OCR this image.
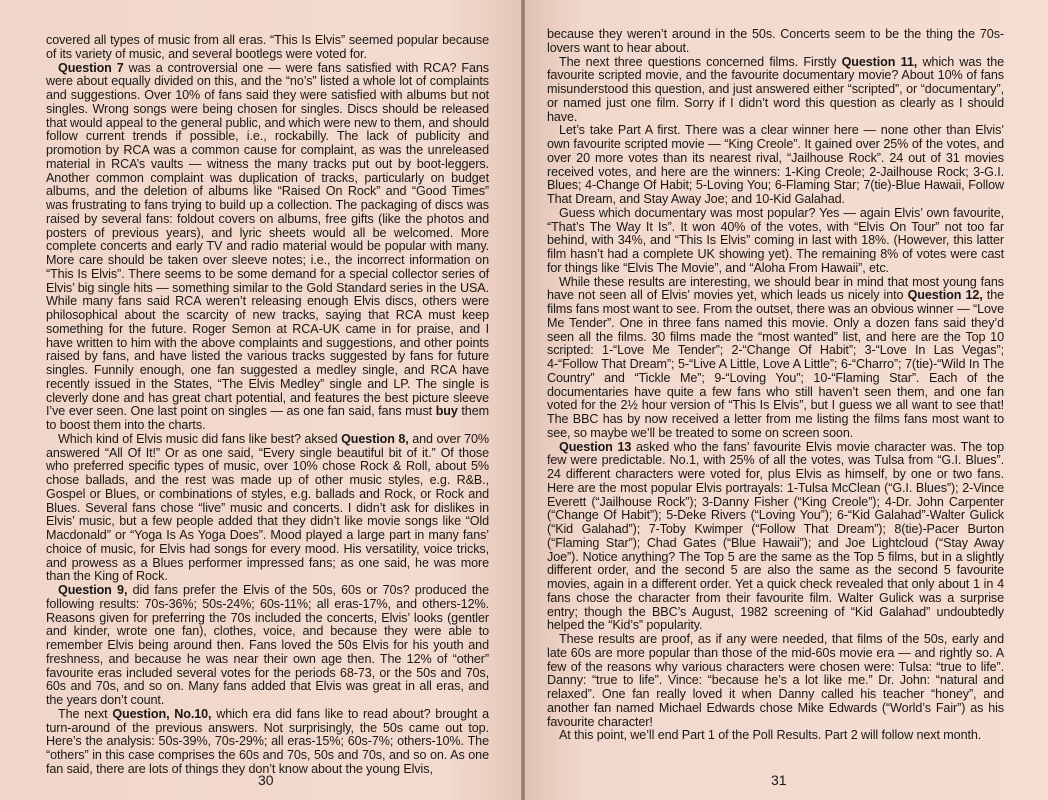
covered all types of music from all eras. “This Is Elvis” seemed popular because of its variety of music, and several bootlegs were voted for.

Question 7 was a controversial one — were fans satisfied with RCA? Fans were about equally divided on this, and the “no’s” listed a whole lot of complaints and suggestions. Over 10% of fans said they were satisfied with albums but not singles. Wrong songs were being chosen for singles. Discs should be released that would appeal to the general public, and which were new to them, and should follow current trends if possible, i.e., rockabilly. The lack of publicity and promotion by RCA was a common cause for complaint, as was the unreleased material in RCA’s vaults — witness the many tracks put out by boot-leggers. Another common complaint was duplication of tracks, particularly on budget albums, and the deletion of albums like “Raised On Rock” and “Good Times” was frustrating to fans trying to build up a collection. The packaging of discs was raised by several fans: foldout covers on albums, free gifts (like the photos and posters of previous years), and lyric sheets would all be welcomed. More complete concerts and early TV and radio material would be popular with many. More care should be taken over sleeve notes; i.e., the incorrect information on “This Is Elvis”. There seems to be some demand for a special collector series of Elvis’ big single hits — something similar to the Gold Standard series in the USA. While many fans said RCA weren’t releasing enough Elvis discs, others were philosophical about the scarcity of new tracks, saying that RCA must keep something for the future. Roger Semon at RCA-UK came in for praise, and I have written to him with the above complaints and suggestions, and other points raised by fans, and have listed the various tracks suggested by fans for future singles. Funnily enough, one fan suggested a medley single, and RCA have recently issued in the States, “The Elvis Medley” single and LP. The single is cleverly done and has great chart potential, and features the best picture sleeve I’ve ever seen. One last point on singles — as one fan said, fans must buy them to boost them into the charts.

Which kind of Elvis music did fans like best? aksed Question 8, and over 70% answered “All Of It!” Or as one said, “Every single beautiful bit of it.” Of those who preferred specific types of music, over 10% chose Rock & Roll, about 5% chose ballads, and the rest was made up of other music styles, e.g. R&B., Gospel or Blues, or combinations of styles, e.g. ballads and Rock, or Rock and Blues. Several fans chose “live” music and concerts. I didn’t ask for dislikes in Elvis’ music, but a few people added that they didn’t like movie songs like “Old Macdonald” or “Yoga Is As Yoga Does”. Mood played a large part in many fans’ choice of music, for Elvis had songs for every mood. His versatility, voice tricks, and prowess as a Blues performer impressed fans; as one said, he was more than the King of Rock.

Question 9, did fans prefer the Elvis of the 50s, 60s or 70s? produced the following results: 70s-36%; 50s-24%; 60s-11%; all eras-17%, and others-12%. Reasons given for preferring the 70s included the concerts, Elvis’ looks (gentler and kinder, wrote one fan), clothes, voice, and because they were able to remember Elvis being around then. Fans loved the 50s Elvis for his youth and freshness, and because he was near their own age then. The 12% of “other” favourite eras included several votes for the periods 68-73, or the 50s and 70s, 60s and 70s, and so on. Many fans added that Elvis was great in all eras, and the years don’t count.

The next Question, No.10, which era did fans like to read about? brought a turn-around of the previous answers. Not surprisingly, the 50s came out top. Here’s the analysis: 50s-39%, 70s-29%; all eras-15%; 60s-7%; others-10%. The “others” in this case comprises the 60s and 70s, 50s and 70s, and so on. As one fan said, there are lots of things they don’t know about the young Elvis,

30

because they weren’t around in the 50s. Concerts seem to be the thing the 70s-lovers want to hear about.

The next three questions concerned films. Firstly Question 11, which was the favourite scripted movie, and the favourite documentary movie? About 10% of fans misunderstood this question, and just answered either “scripted”, or “documentary”, or named just one film. Sorry if I didn’t word this question as clearly as I should have.

Let’s take Part A first. There was a clear winner here — none other than Elvis’ own favourite scripted movie — “King Creole”. It gained over 25% of the votes, and over 20 more votes than its nearest rival, “Jailhouse Rock”. 24 out of 31 movies received votes, and here are the winners: 1-King Creole; 2-Jailhouse Rock; 3-G.I. Blues; 4-Change Of Habit; 5-Loving You; 6-Flaming Star; 7(tie)-Blue Hawaii, Follow That Dream, and Stay Away Joe; and 10-Kid Galahad.

Guess which documentary was most popular? Yes — again Elvis’ own favourite, “That’s The Way It Is”. It won 40% of the votes, with “Elvis On Tour” not too far behind, with 34%, and “This Is Elvis” coming in last with 18%. (However, this latter film hasn’t had a complete UK showing yet). The remaining 8% of votes were cast for things like “Elvis The Movie”, and “Aloha From Hawaii”, etc.

While these results are interesting, we should bear in mind that most young fans have not seen all of Elvis’ movies yet, which leads us nicely into Question 12, the films fans most want to see. From the outset, there was an obvious winner — “Love Me Tender”. One in three fans named this movie. Only a dozen fans said they’d seen all the films. 30 films made the “most wanted” list, and here are the Top 10 scripted: 1-“Love Me Tender”; 2-“Change Of Habit”; 3-“Love In Las Vegas”; 4-“Follow That Dream”; 5-“Live A Little, Love A Little”; 6-“Charro”; 7(tie)-“Wild In The Country” and “Tickle Me”; 9-“Loving You”; 10-“Flaming Star”. Each of the documentaries have quite a few fans who still haven’t seen them, and one fan voted for the 2½ hour version of “This Is Elvis”, but I guess we all want to see that! The BBC has by now received a letter from me listing the films fans most want to see, so maybe we’ll be treated to some on screen soon.

Question 13 asked who the fans’ favourite Elvis movie character was. The top few were predictable. No.1, with 25% of all the votes, was Tulsa from “G.I. Blues”. 24 different characters were voted for, plus Elvis as himself, by one or two fans. Here are the most popular Elvis portrayals: 1-Tulsa McClean (“G.I. Blues”); 2-Vince Everett (“Jailhouse Rock”); 3-Danny Fisher (“King Creole”); 4-Dr. John Carpenter (“Change Of Habit”); 5-Deke Rivers (“Loving You”); 6-“Kid Galahad”-Walter Gulick (“Kid Galahad”); 7-Toby Kwimper (“Follow That Dream”); 8(tie)-Pacer Burton (“Flaming Star”); Chad Gates (“Blue Hawaii”); and Joe Lightcloud (“Stay Away Joe”). Notice anything? The Top 5 are the same as the Top 5 films, but in a slightly different order, and the second 5 are also the same as the second 5 favourite movies, again in a different order. Yet a quick check revealed that only about 1 in 4 fans chose the character from their favourite film. Walter Gulick was a surprise entry; though the BBC’s August, 1982 screening of “Kid Galahad” undoubtedly helped the “Kid’s” popularity.

These results are proof, as if any were needed, that films of the 50s, early and late 60s are more popular than those of the mid-60s movie era — and rightly so. A few of the reasons why various characters were chosen were: Tulsa: “true to life”. Danny: “true to life”. Vince: “because he’s a lot like me.” Dr. John: “natural and relaxed”. One fan really loved it when Danny called his teacher “honey”, and another fan named Michael Edwards chose Mike Edwards (“World’s Fair”) as his favourite character!

At this point, we’ll end Part 1 of the Poll Results. Part 2 will follow next month.

31
